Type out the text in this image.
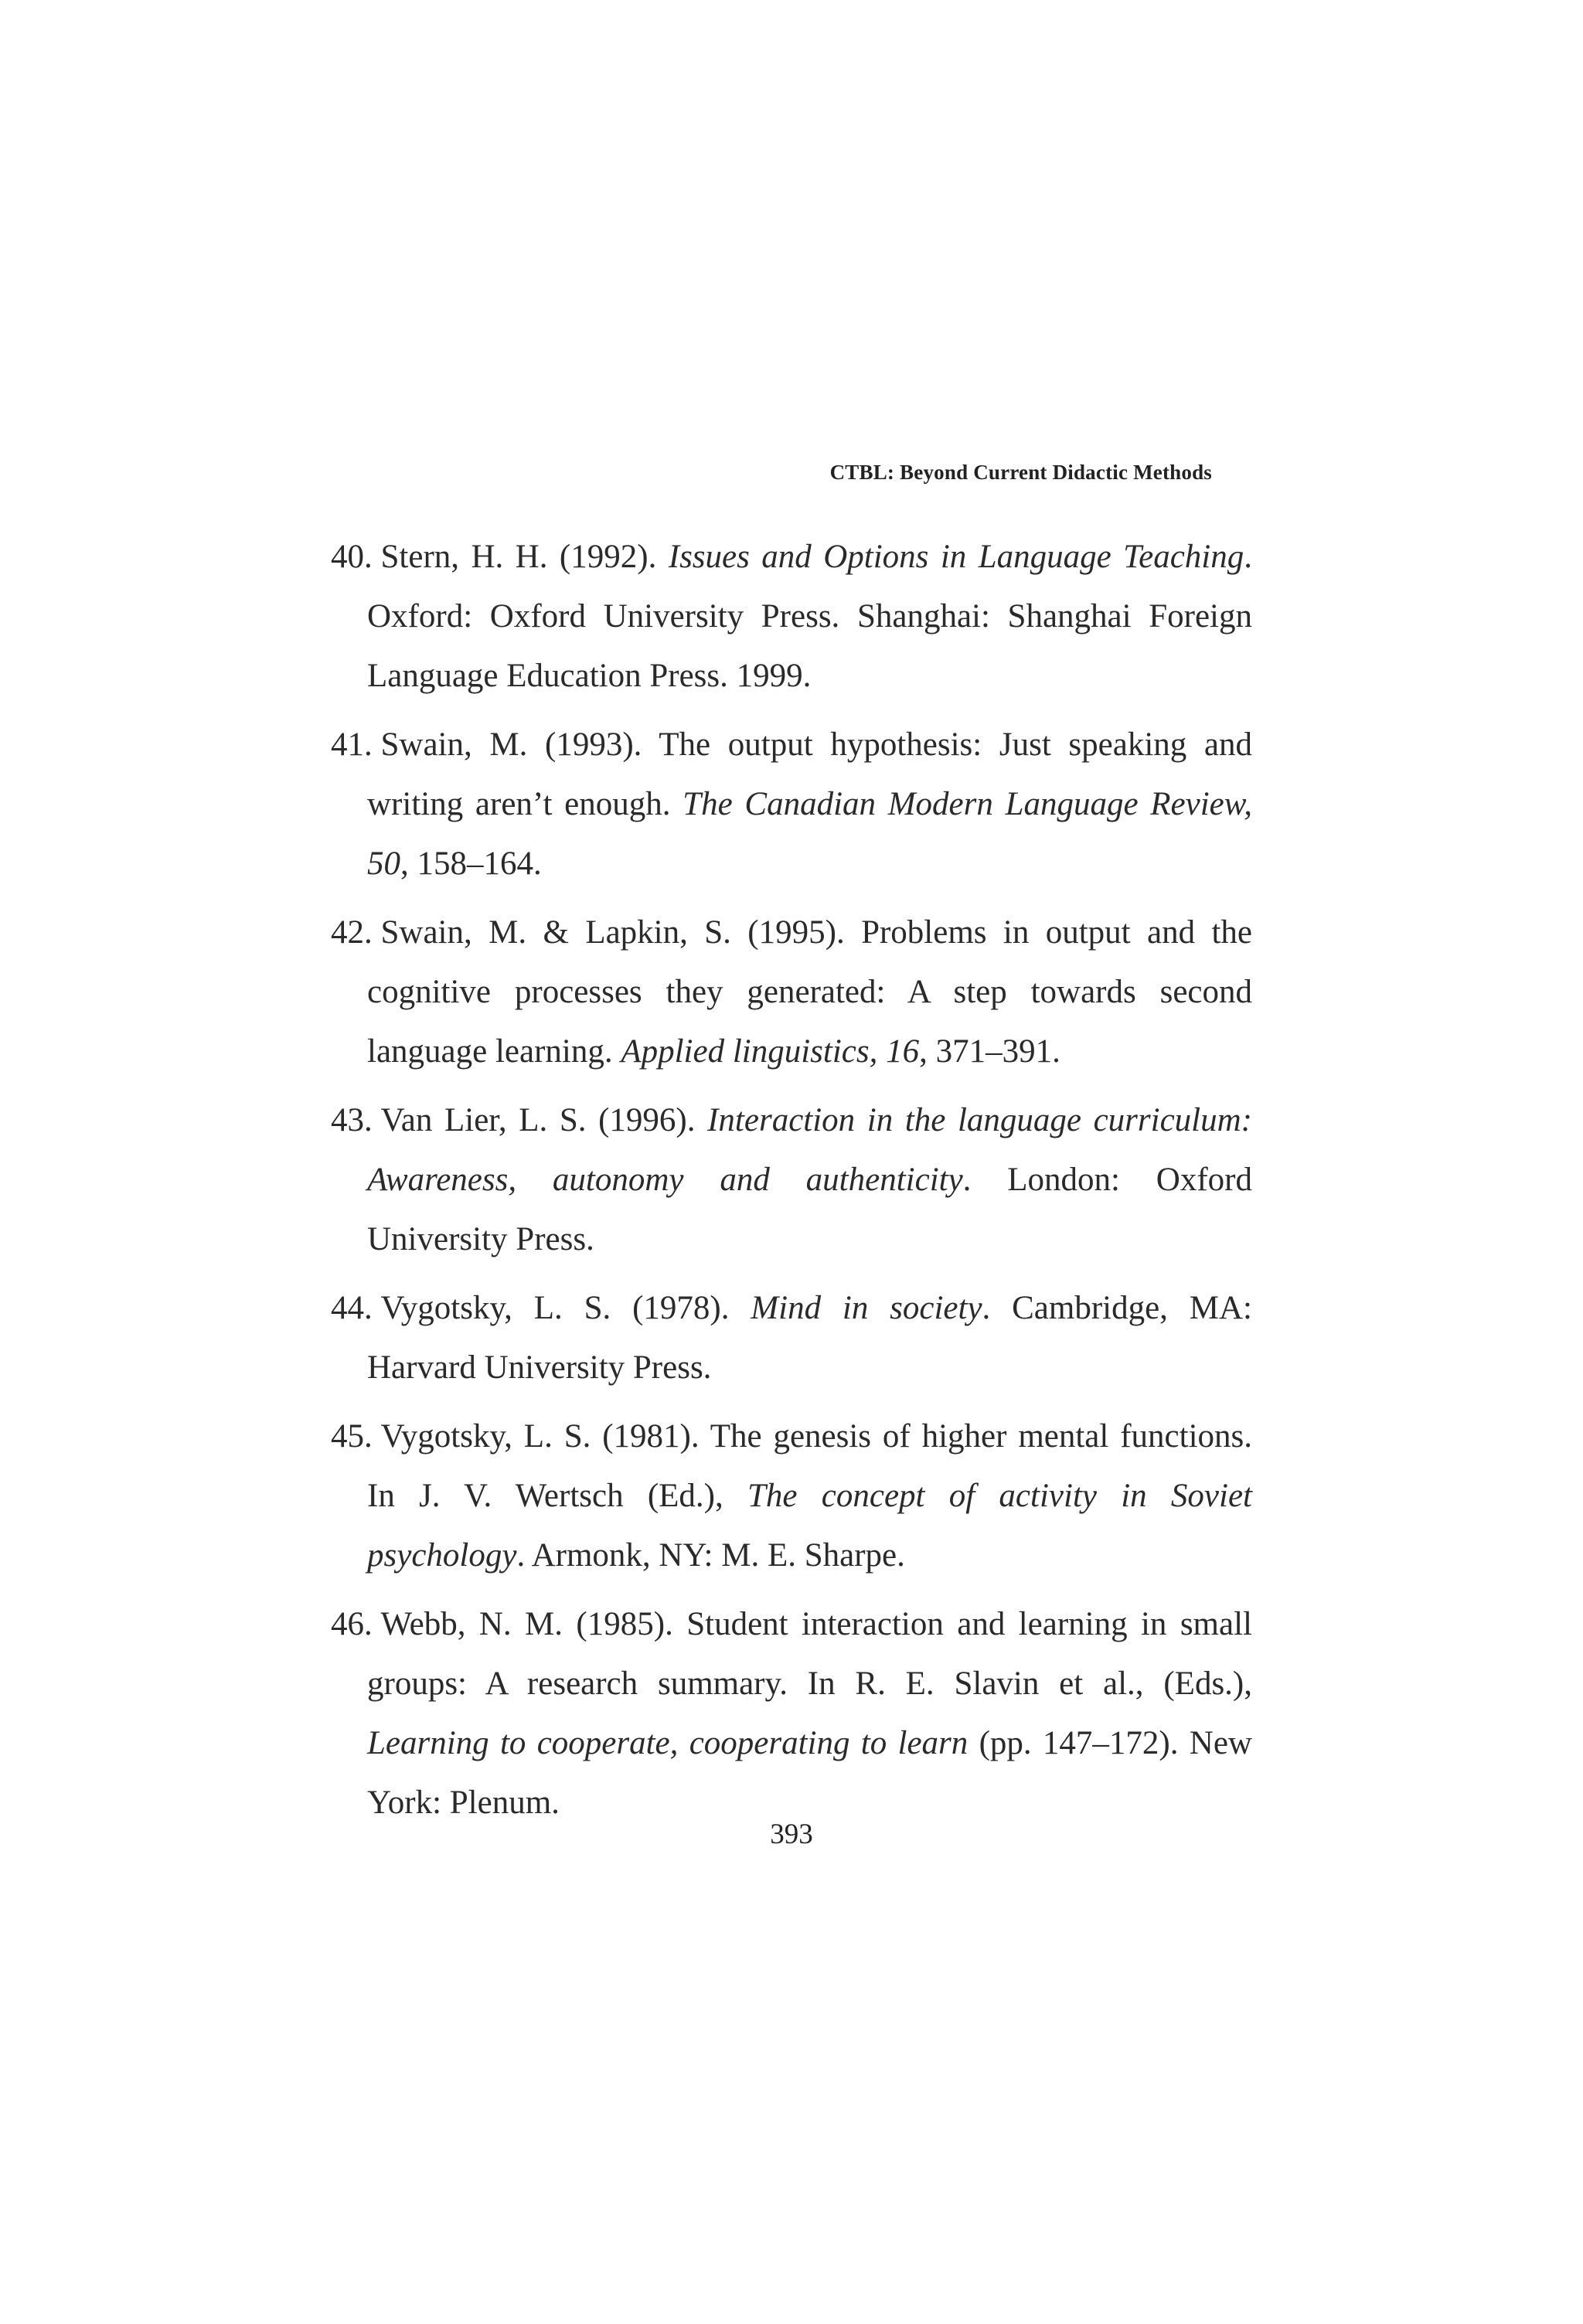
CTBL: Beyond Current Didactic Methods
40. Stern, H. H. (1992). Issues and Options in Language Teaching. Oxford: Oxford University Press. Shanghai: Shanghai Foreign Language Education Press. 1999.
41. Swain, M. (1993). The output hypothesis: Just speaking and writing aren’t enough. The Canadian Modern Language Review, 50, 158–164.
42. Swain, M. & Lapkin, S. (1995). Problems in output and the cognitive processes they generated: A step towards second language learning. Applied linguistics, 16, 371–391.
43. Van Lier, L. S. (1996). Interaction in the language curriculum: Awareness, autonomy and authenticity. London: Oxford University Press.
44. Vygotsky, L. S. (1978). Mind in society. Cambridge, MA: Harvard University Press.
45. Vygotsky, L. S. (1981). The genesis of higher mental functions. In J. V. Wertsch (Ed.), The concept of activity in Soviet psychology. Armonk, NY: M. E. Sharpe.
46. Webb, N. M. (1985). Student interaction and learning in small groups: A research summary. In R. E. Slavin et al., (Eds.), Learning to cooperate, cooperating to learn (pp. 147–172). New York: Plenum.
393
